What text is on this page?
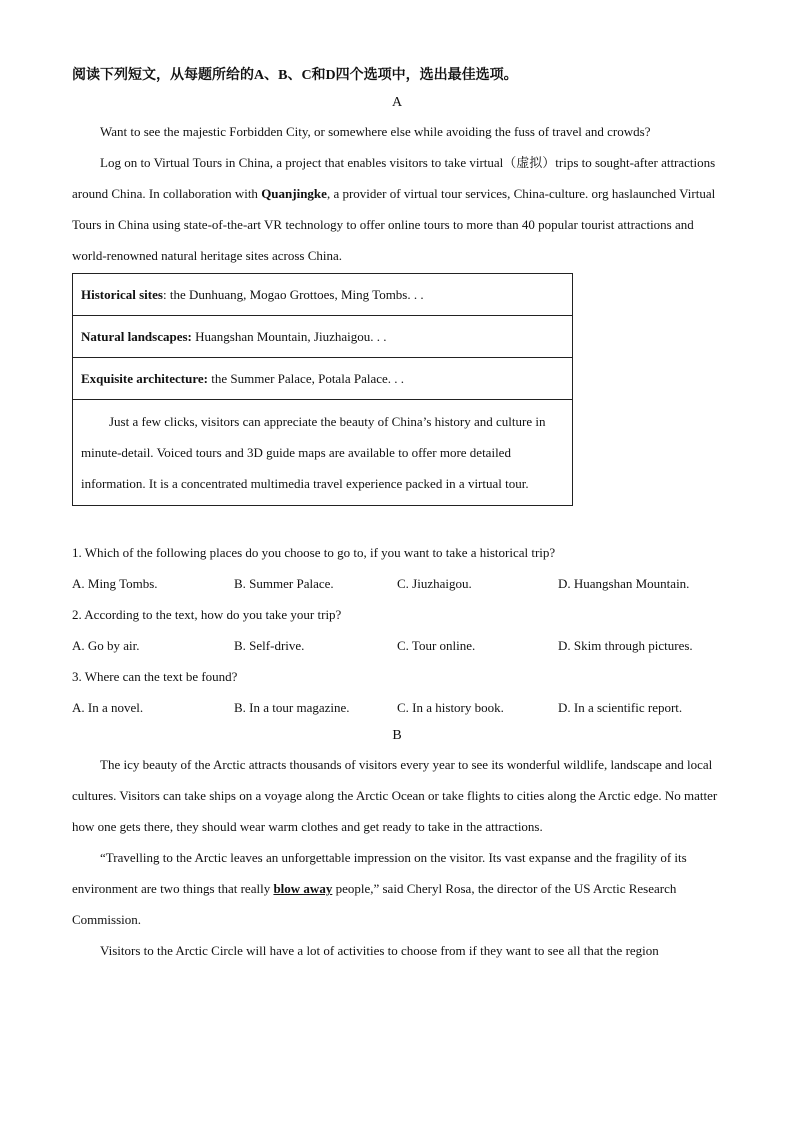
阅读下列短文，从每题所给的A、B、C和D四个选项中，选出最佳选项。
A

Want to see the majestic Forbidden City, or somewhere else while avoiding the fuss of travel and crowds?

Log on to Virtual Tours in China, a project that enables visitors to take virtual（虚拟）trips to sought-after attractions around China. In collaboration with Quanjingke, a provider of virtual tour services, China-culture. org haslaunched Virtual Tours in China using state-of-the-art VR technology to offer online tours to more than 40 popular tourist attractions and world-renowned natural heritage sites across China.

Historical sites: the Dunhuang, Mogao Grottoes, Ming Tombs. . .
Natural landscapes: Huangshan Mountain, Jiuzhaigou. . .
Exquisite architecture: the Summer Palace, Potala Palace. . .
Just a few clicks, visitors can appreciate the beauty of China’s history and culture in minute-detail. Voiced tours and 3D guide maps are available to offer more detailed information. It is a concentrated multimedia travel experience packed in a virtual tour.
1. Which of the following places do you choose to go to, if you want to take a historical trip?
A. Ming Tombs.	B. Summer Palace.	C. Jiuzhaigou.	D. Huangshan Mountain.
2. According to the text, how do you take your trip?
A. Go by air.	B. Self-drive.	C. Tour online.	D. Skim through pictures.
3. Where can the text be found?
A. In a novel.	B. In a tour magazine.	C. In a history book.	D. In a scientific report.
B

The icy beauty of the Arctic attracts thousands of visitors every year to see its wonderful wildlife, landscape and local cultures. Visitors can take ships on a voyage along the Arctic Ocean or take flights to cities along the Arctic edge. No matter how one gets there, they should wear warm clothes and get ready to take in the attractions.

“Travelling to the Arctic leaves an unforgettable impression on the visitor. Its vast expanse and the fragility of its environment are two things that really blow away people,” said Cheryl Rosa, the director of the US Arctic Research Commission.

Visitors to the Arctic Circle will have a lot of activities to choose from if they want to see all that the region
